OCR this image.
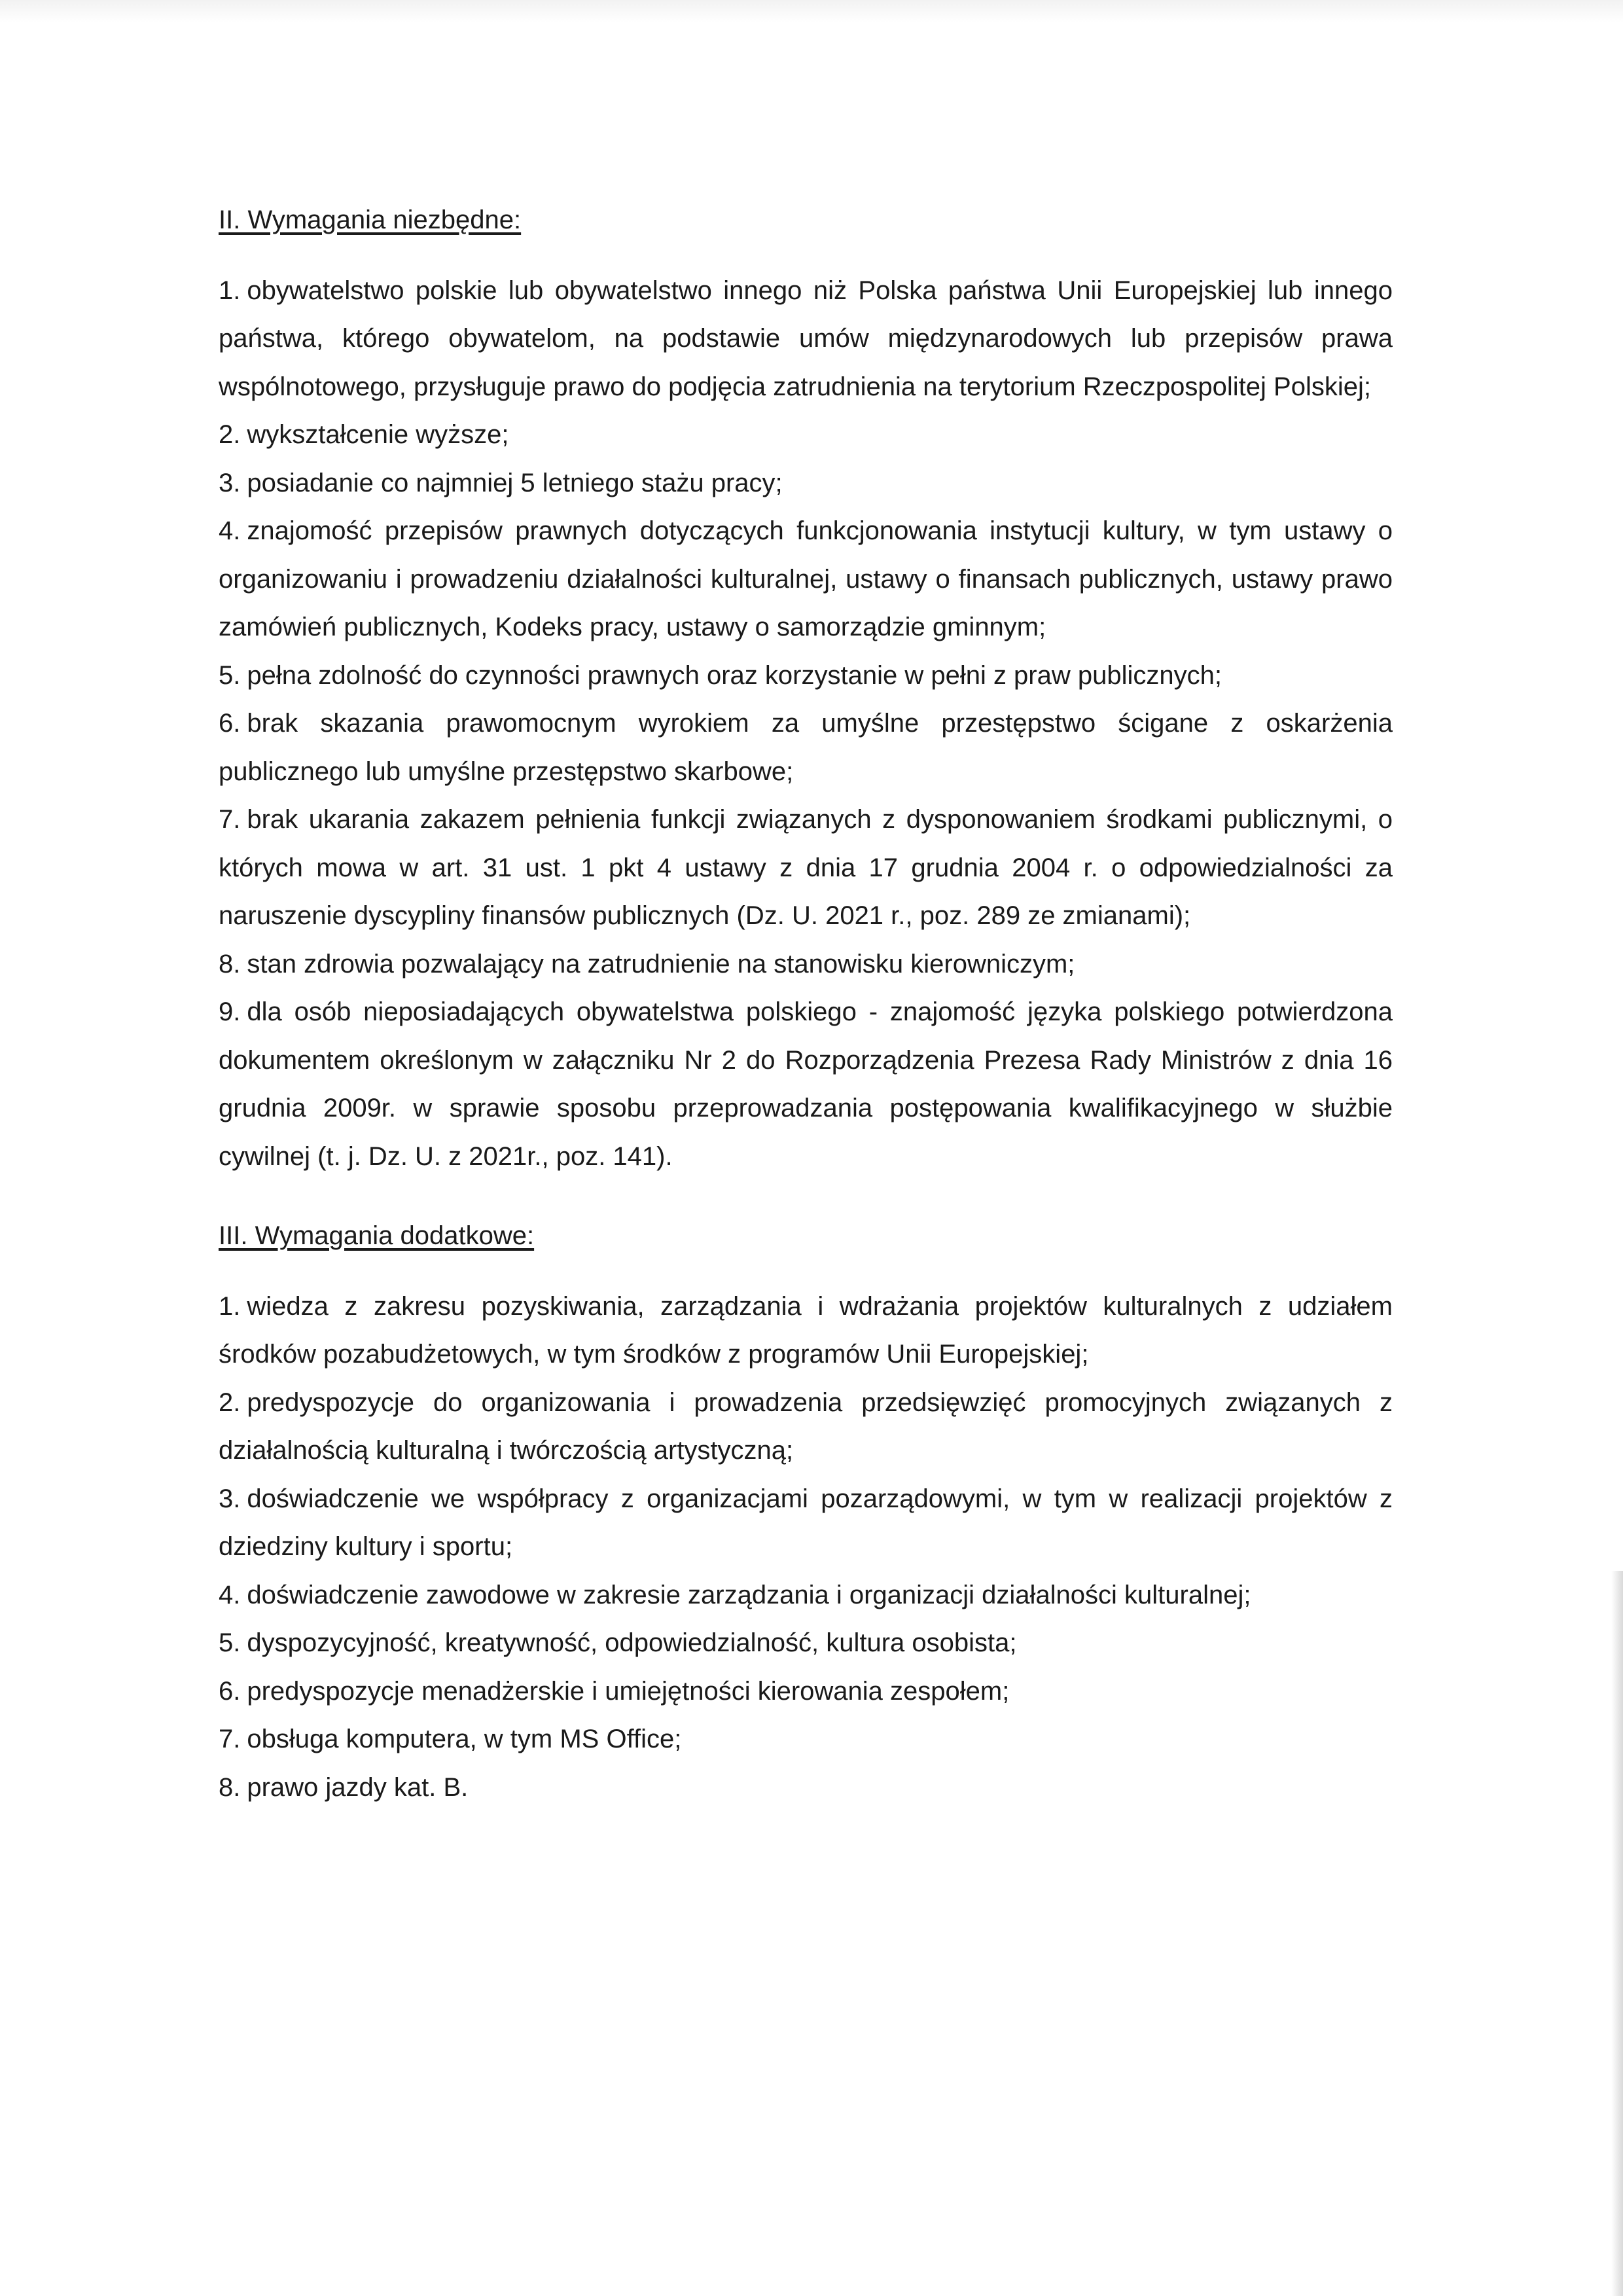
II. Wymagania niezbędne:

1. obywatelstwo polskie lub obywatelstwo innego niż Polska państwa Unii Europejskiej lub innego państwa, którego obywatelom, na podstawie umów międzynarodowych lub przepisów prawa wspólnotowego, przysługuje prawo do podjęcia zatrudnienia na terytorium Rzeczpospolitej Polskiej;

2. wykształcenie wyższe;

3. posiadanie co najmniej 5 letniego stażu pracy;

4. znajomość przepisów prawnych dotyczących funkcjonowania instytucji kultury, w tym ustawy o organizowaniu i prowadzeniu działalności kulturalnej, ustawy o finansach publicznych, ustawy prawo zamówień publicznych, Kodeks pracy, ustawy o samorządzie gminnym;

5. pełna zdolność do czynności prawnych oraz korzystanie w pełni z praw publicznych;

6. brak skazania prawomocnym wyrokiem za umyślne przestępstwo ścigane z oskarżenia publicznego lub umyślne przestępstwo skarbowe;

7. brak ukarania zakazem pełnienia funkcji związanych z dysponowaniem środkami publicznymi, o których mowa w art. 31 ust. 1 pkt 4 ustawy z dnia 17 grudnia 2004 r. o odpowiedzialności za naruszenie dyscypliny finansów publicznych (Dz. U. 2021 r., poz. 289 ze zmianami);

8. stan zdrowia pozwalający na zatrudnienie na stanowisku kierowniczym;

9. dla osób nieposiadających obywatelstwa polskiego - znajomość języka polskiego potwierdzona dokumentem określonym w załączniku Nr 2 do Rozporządzenia Prezesa Rady Ministrów z dnia 16 grudnia 2009r. w sprawie sposobu przeprowadzania postępowania kwalifikacyjnego w służbie cywilnej (t. j. Dz. U. z 2021r., poz. 141).

III. Wymagania dodatkowe:

1. wiedza z zakresu pozyskiwania, zarządzania i wdrażania projektów kulturalnych z udziałem środków pozabudżetowych, w tym środków z programów Unii Europejskiej;

2. predyspozycje do organizowania i prowadzenia przedsięwzięć promocyjnych związanych z działalnością kulturalną i twórczością artystyczną;

3. doświadczenie we współpracy z organizacjami pozarządowymi, w tym w realizacji projektów z dziedziny kultury i sportu;

4. doświadczenie zawodowe w zakresie zarządzania i organizacji działalności kulturalnej;

5. dyspozycyjność, kreatywność, odpowiedzialność, kultura osobista;

6. predyspozycje menadżerskie i umiejętności kierowania zespołem;

7. obsługa komputera, w tym MS Office;

8. prawo jazdy kat. B.
